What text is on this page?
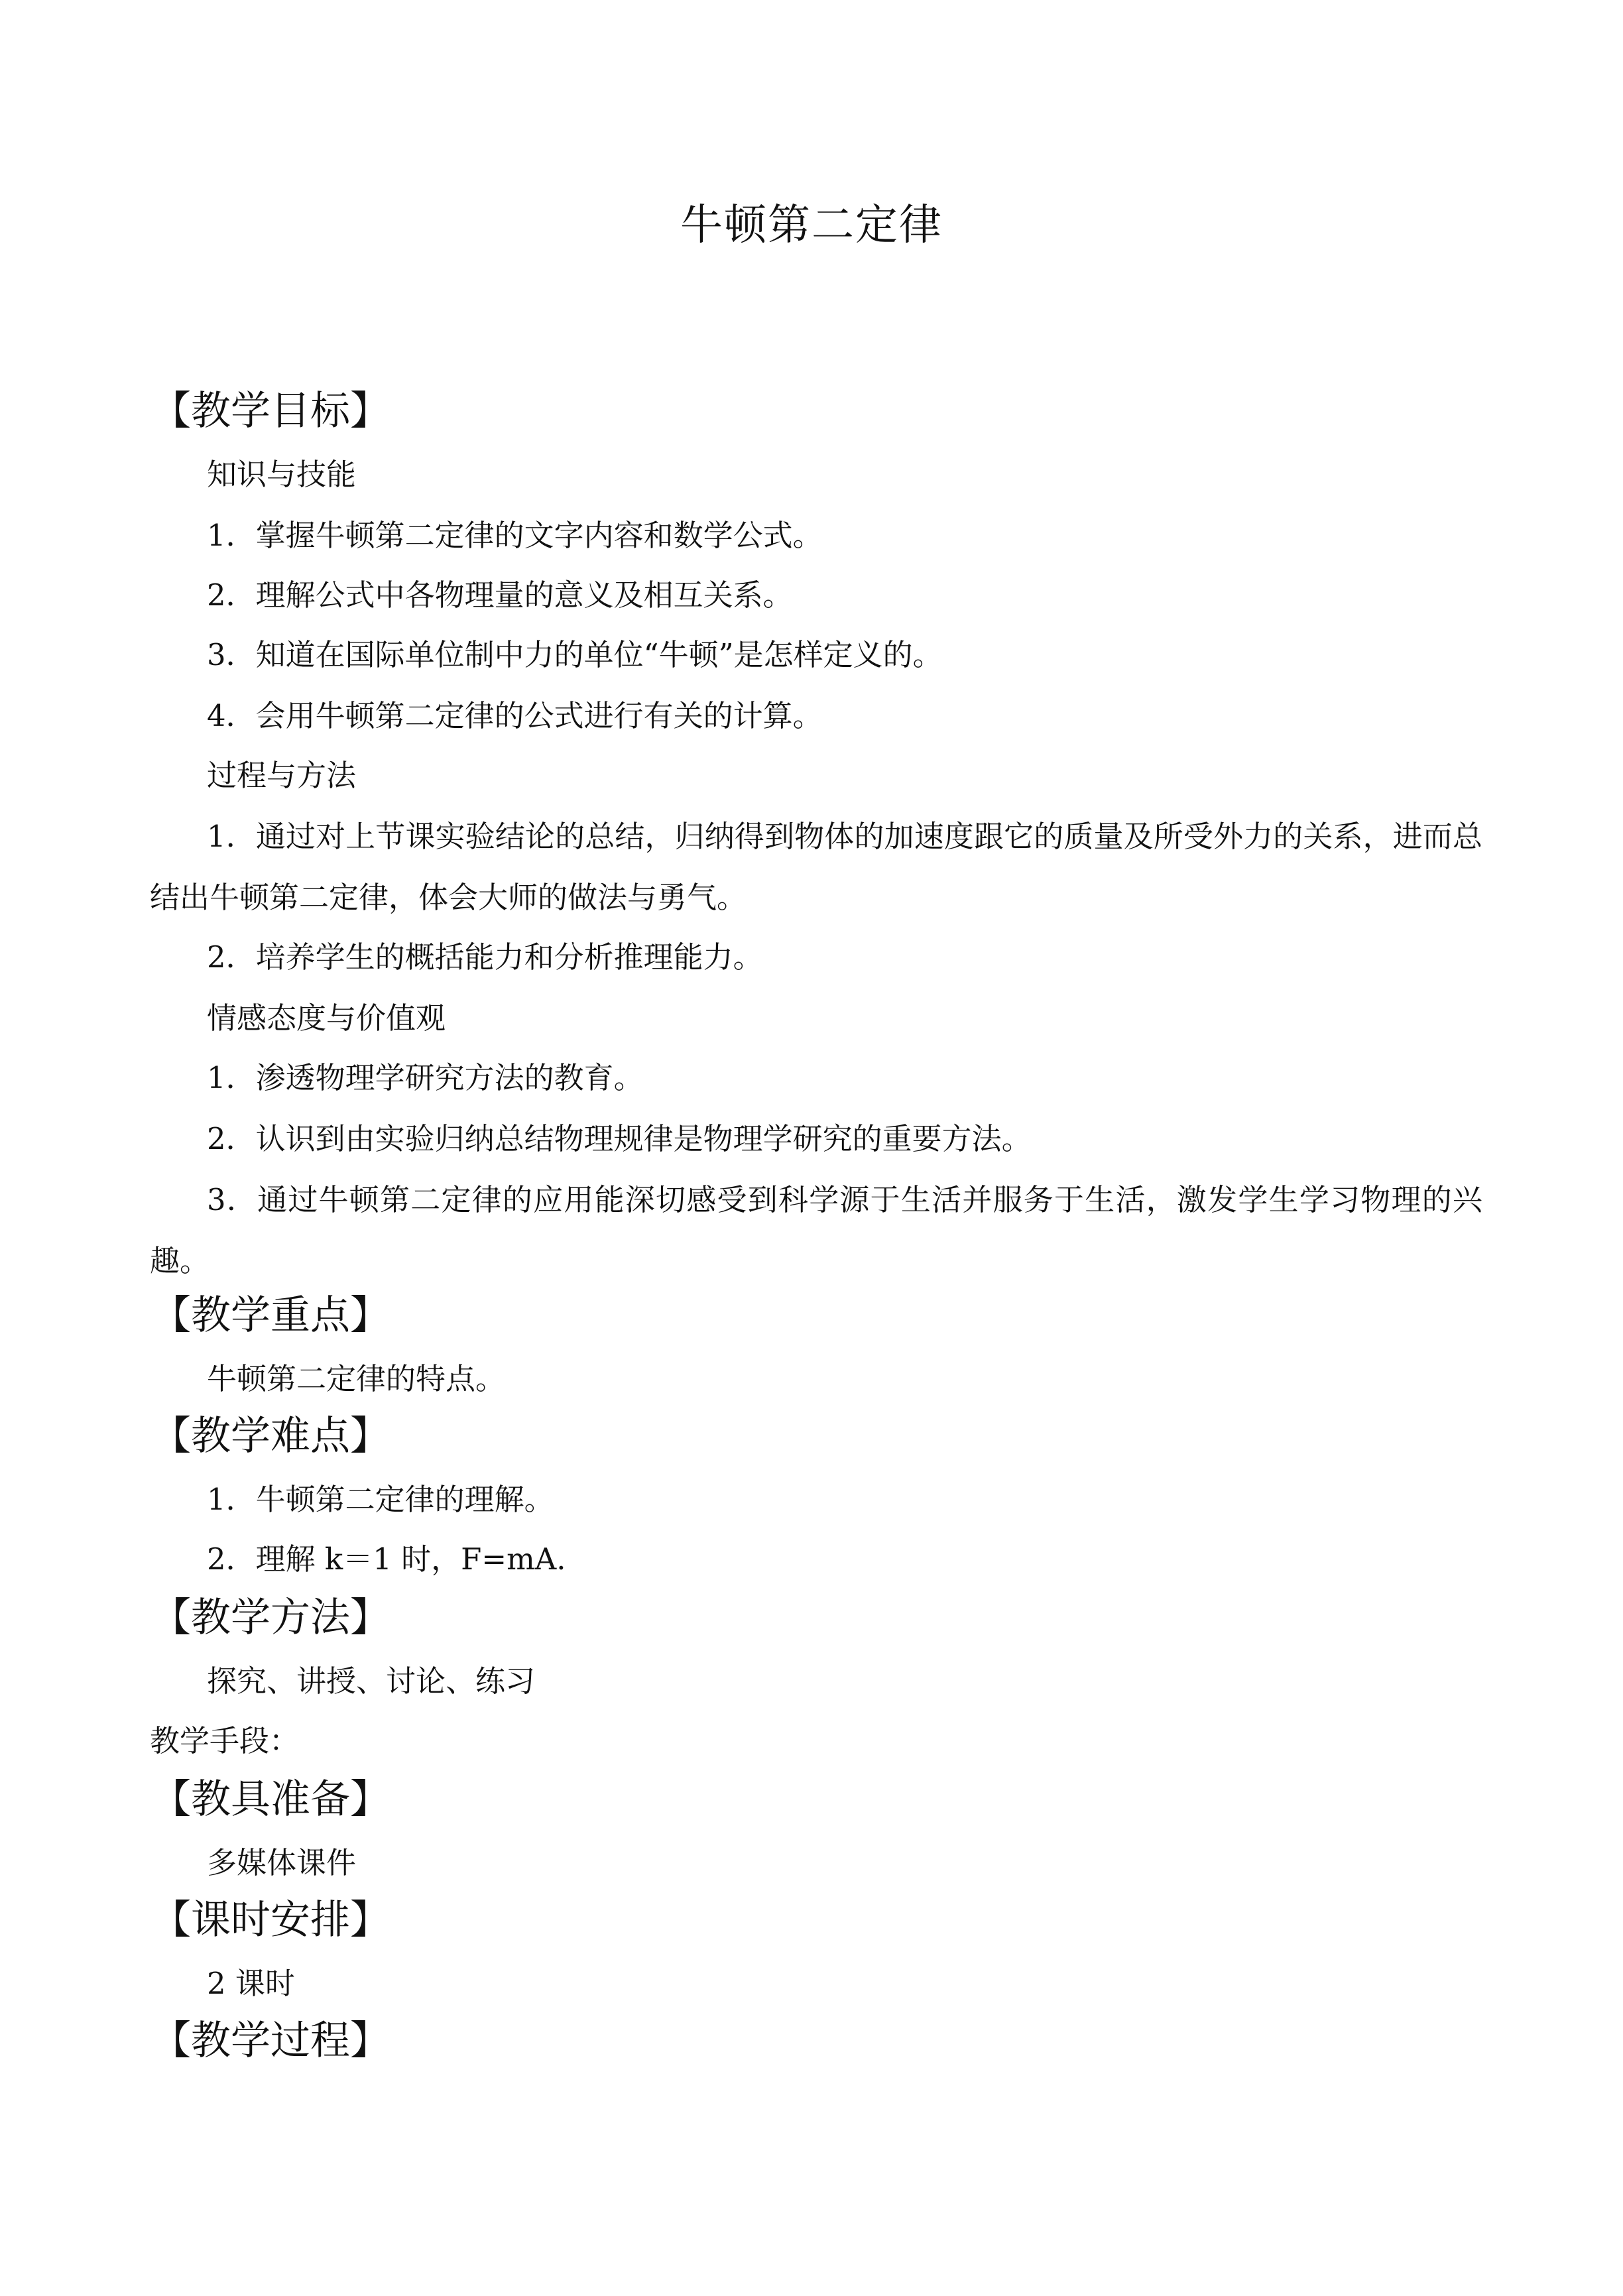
牛顿第二定律
【教学目标】
知识与技能
1．掌握牛顿第二定律的文字内容和数学公式。
2．理解公式中各物理量的意义及相互关系。
3．知道在国际单位制中力的单位“牛顿”是怎样定义的。
4．会用牛顿第二定律的公式进行有关的计算。
过程与方法
1．通过对上节课实验结论的总结，归纳得到物体的加速度跟它的质量及所受外力的关系，进而总结出牛顿第二定律，体会大师的做法与勇气。
2．培养学生的概括能力和分析推理能力。
情感态度与价值观
1．渗透物理学研究方法的教育。
2．认识到由实验归纳总结物理规律是物理学研究的重要方法。
3．通过牛顿第二定律的应用能深切感受到科学源于生活并服务于生活，激发学生学习物理的兴趣。
【教学重点】
牛顿第二定律的特点。
【教学难点】
1．牛顿第二定律的理解。
2．理解 k＝1 时，F=mA.
【教学方法】
探究、讲授、讨论、练习
教学手段：
【教具准备】
多媒体课件
【课时安排】
2 课时
【教学过程】
